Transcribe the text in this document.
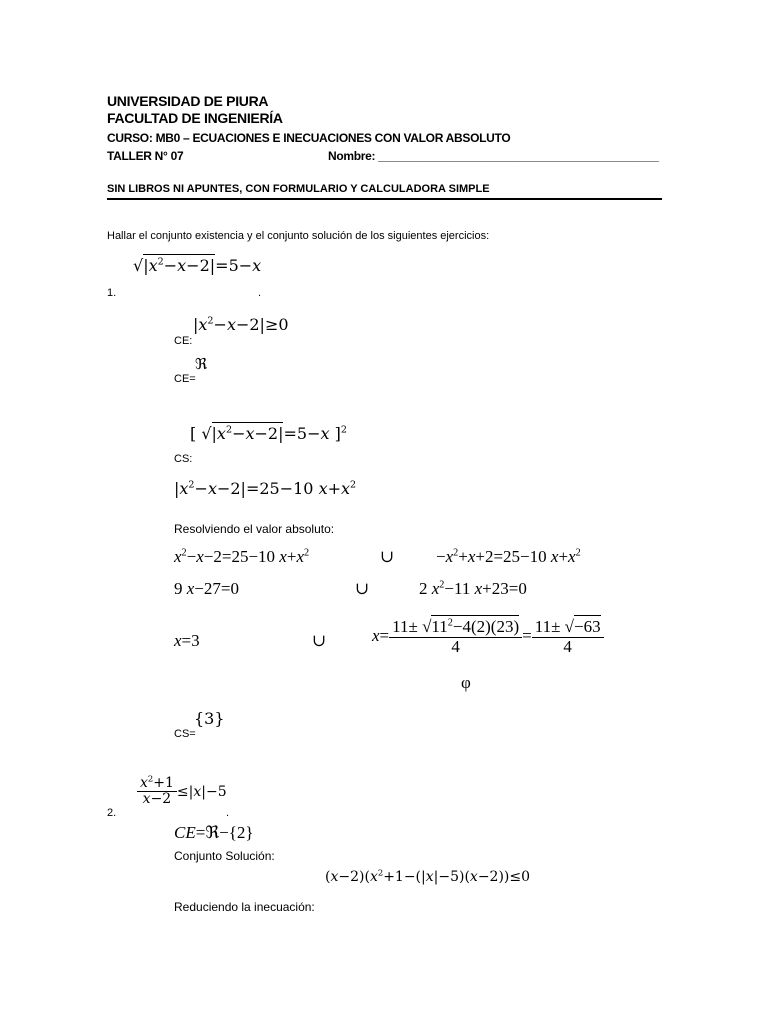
UNIVERSIDAD DE PIURA
FACULTAD DE INGENIERÍA
CURSO: MB0 – ECUACIONES E INECUACIONES CON VALOR ABSOLUTO
TALLER N° 07	Nombre: ____________________________________________
SIN LIBROS NI APUNTES, CON FORMULARIO Y CALCULADORA SIMPLE
Hallar el conjunto existencia y el conjunto solución de los siguientes ejercicios:
1.
$√|x^2-x-2|=5-x$
.
CE:
$|x^2-x-2|\ge 0$
CE=
ℜ
CS:
[ $√|x^2-x-2|=5-x$ ]$^2$
$|x^2-x-2|=25-10$ $x+x^2$
Resolviendo el valor absoluto:
$x^2-x-2=25-10$ $x+x^2$	∪ $-x^2+x+2=25-10$ $x+x^2$
9 x−27=0	∪	2 $x^2-11$ x+23=0
x=3	∪	$x= \frac{11\pm √11^2-4(2)(23)}{4} = \frac{11\pm √-63}{4}$
φ
CS=
{3}
2.
$\frac{x^2+1}{x-2} \le|x|-5$
.
CE=ℜ−{2}
Conjunto Solución:
$(x-2)(x^2+1-(|x|-5)(x-2))\le 0$
Reduciendo la inecuación:
